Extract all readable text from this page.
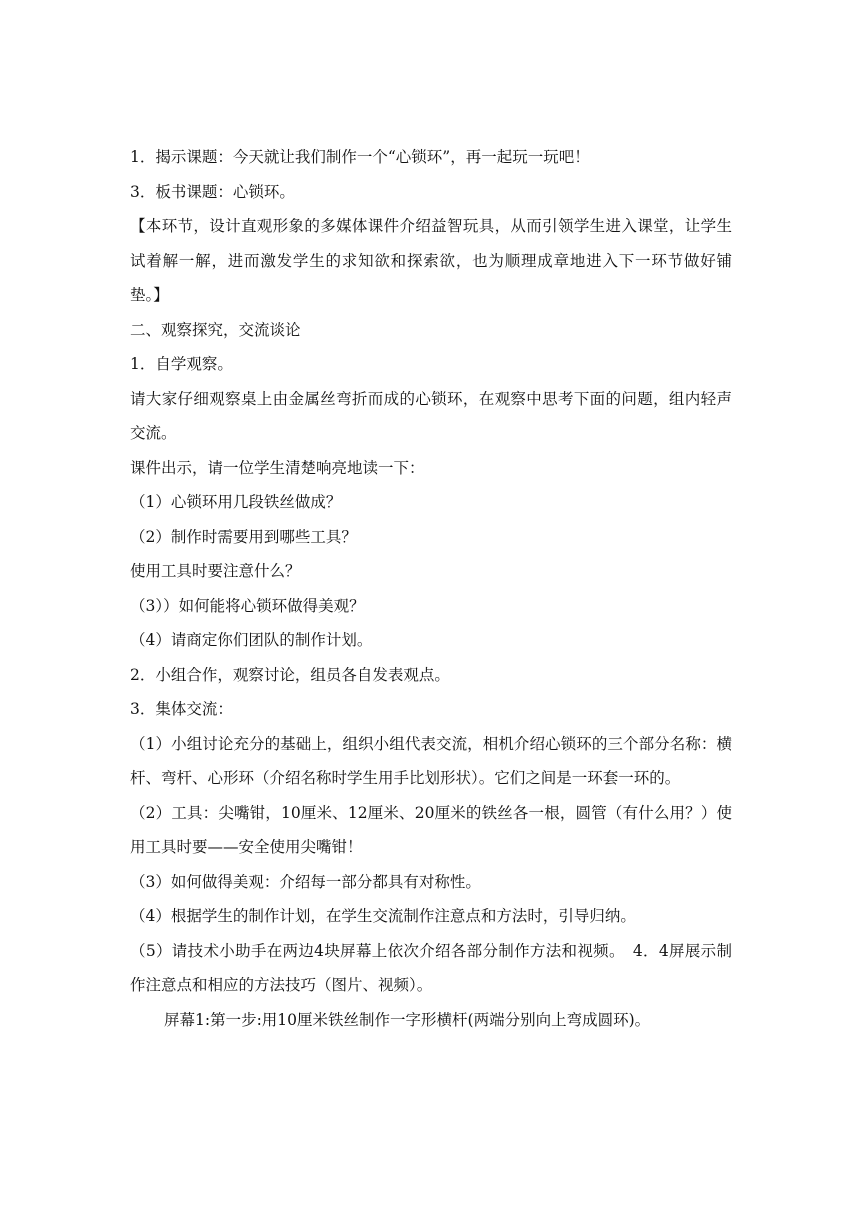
1．揭示课题：今天就让我们制作一个“心锁环”，再一起玩一玩吧！

3．板书课题：心锁环。

【本环节，设计直观形象的多媒体课件介绍益智玩具，从而引领学生进入课堂，让学生试着解一解，进而激发学生的求知欲和探索欲，也为顺理成章地进入下一环节做好铺垫。】

二、观察探究，交流谈论

1．自学观察。

请大家仔细观察桌上由金属丝弯折而成的心锁环，在观察中思考下面的问题，组内轻声交流。

课件出示，请一位学生清楚响亮地读一下：

（1）心锁环用几段铁丝做成？

（2）制作时需要用到哪些工具？

使用工具时要注意什么？

（3））如何能将心锁环做得美观？

（4）请商定你们团队的制作计划。

2．小组合作，观察讨论，组员各自发表观点。

3．集体交流：

（1）小组讨论充分的基础上，组织小组代表交流，相机介绍心锁环的三个部分名称：横杆、弯杆、心形环（介绍名称时学生用手比划形状）。它们之间是一环套一环的。

（2）工具：尖嘴钳，10厘米、12厘米、20厘米的铁丝各一根，圆管（有什么用？）使用工具时要——安全使用尖嘴钳！

（3）如何做得美观：介绍每一部分都具有对称性。

（4）根据学生的制作计划，在学生交流制作注意点和方法时，引导归纳。

（5）请技术小助手在两边4块屏幕上依次介绍各部分制作方法和视频。　4．4屏展示制作注意点和相应的方法技巧（图片、视频）。

屏幕1:第一步:用10厘米铁丝制作一字形横杆(两端分别向上弯成圆环)。
